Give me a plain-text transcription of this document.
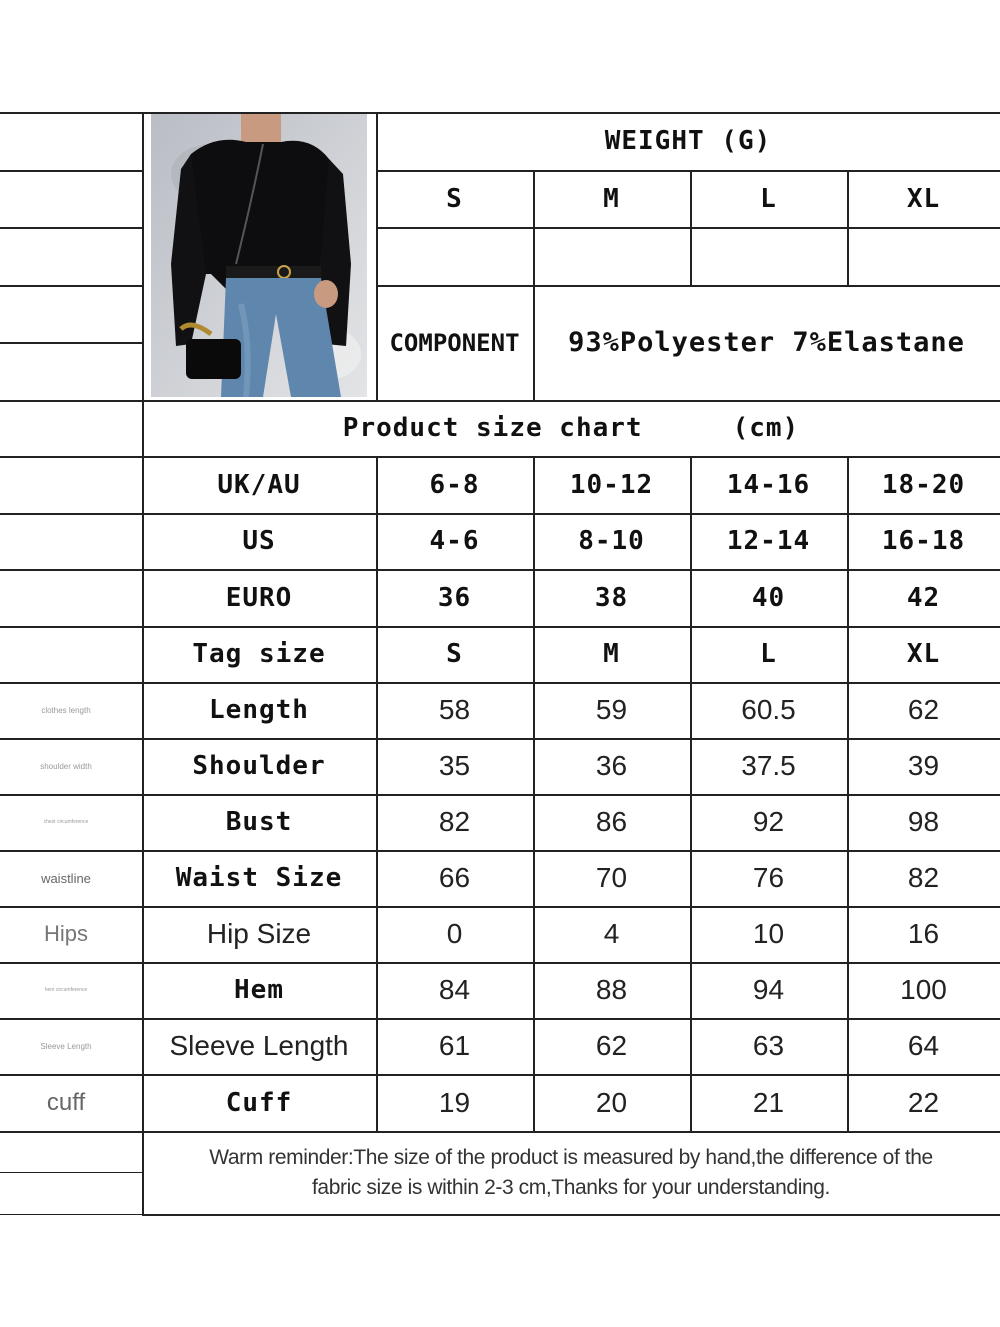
WEIGHT (G)
S	M	L	XL
COMPONENT	93%Polyester 7%Elastane
Product size chart	(cm)
UK/AU	6-8	10-12	14-16	18-20
US	4-6	8-10	12-14	16-18
EURO	36	38	40	42
Tag size	S	M	L	XL
clothes length	Length	58	59	60.5	62
shoulder width	Shoulder	35	36	37.5	39
chest circumference	Bust	82	86	92	98
waistline	Waist Size	66	70	76	82
Hips	Hip Size	0	4	10	16
hem circumference	Hem	84	88	94	100
Sleeve Length	Sleeve Length	61	62	63	64
cuff	Cuff	19	20	21	22
Warm reminder:The size of the product is measured by hand,the difference of the
fabric size is within 2-3 cm,Thanks for your understanding.
